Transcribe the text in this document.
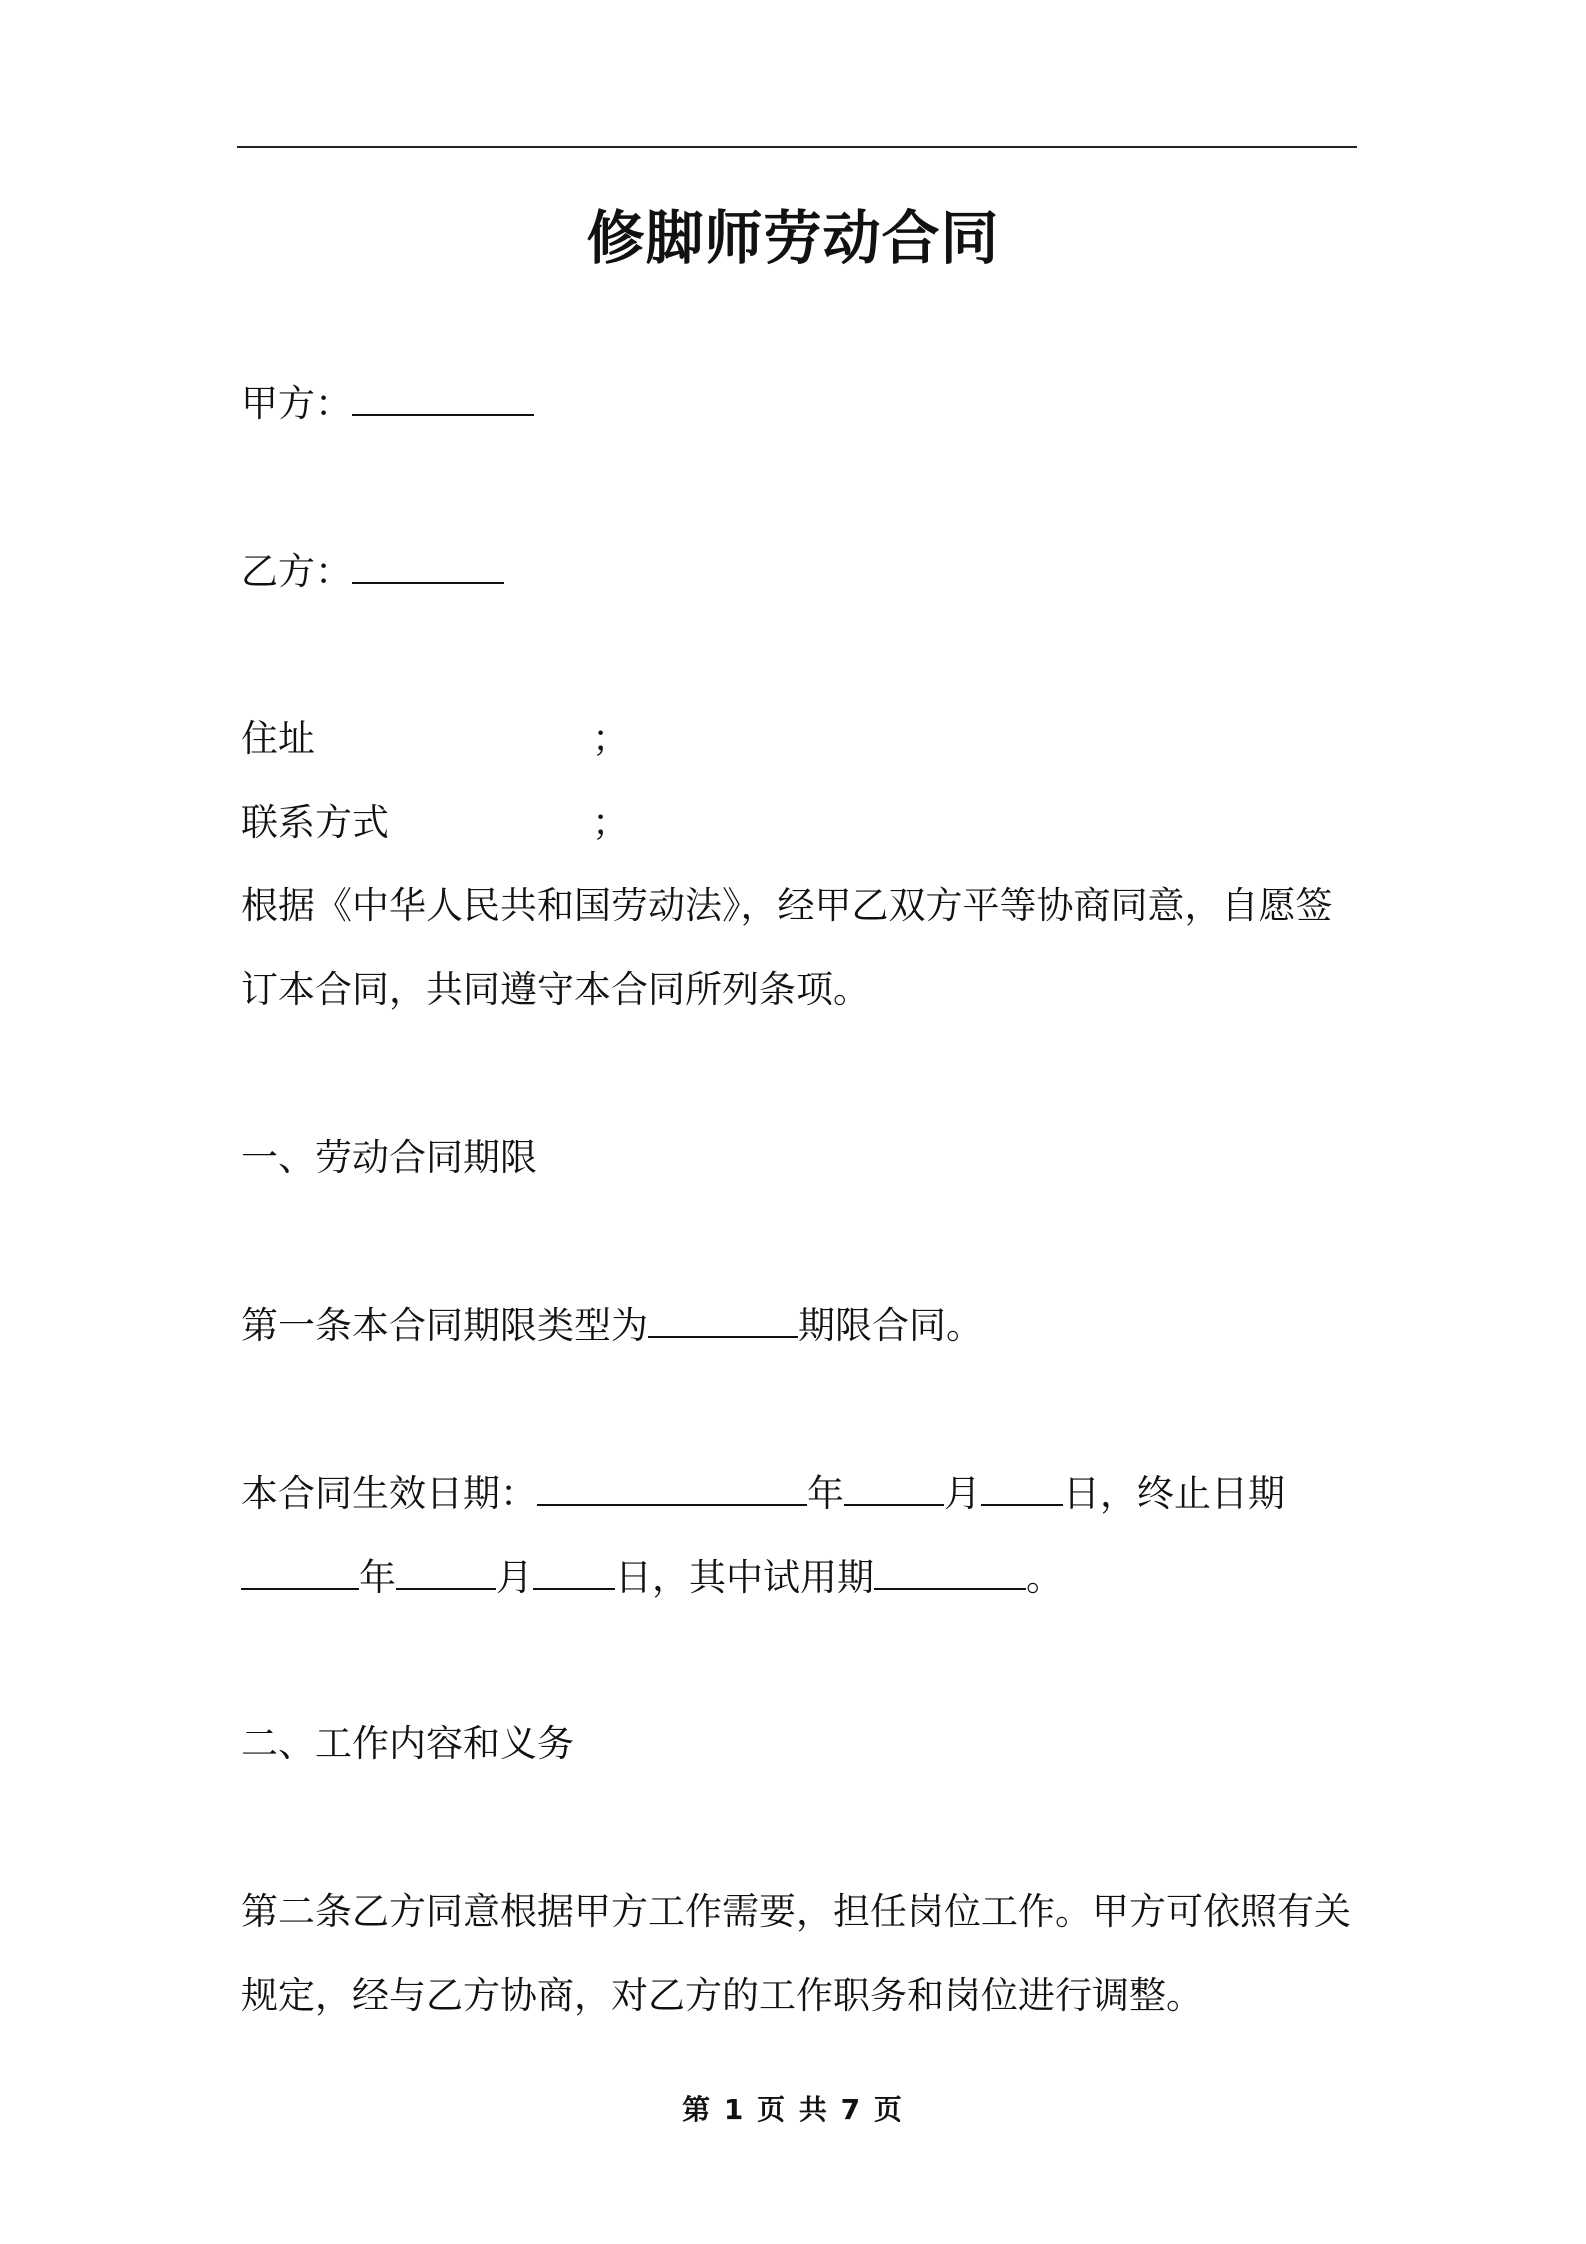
修脚师劳动合同
甲方：
乙方：
住址	；
联系方式	；
根据《中华人民共和国劳动法》，经甲乙双方平等协商同意，自愿签
订本合同，共同遵守本合同所列条项。
一、劳动合同期限
第一条本合同期限类型为	期限合同。
本合同生效日期：	年	月 日，终止日期
年	月 日，其中试用期	。
二、工作内容和义务
第二条乙方同意根据甲方工作需要，担任岗位工作。甲方可依照有关
规定，经与乙方协商，对乙方的工作职务和岗位进行调整。
第 1 页 共 7 页
